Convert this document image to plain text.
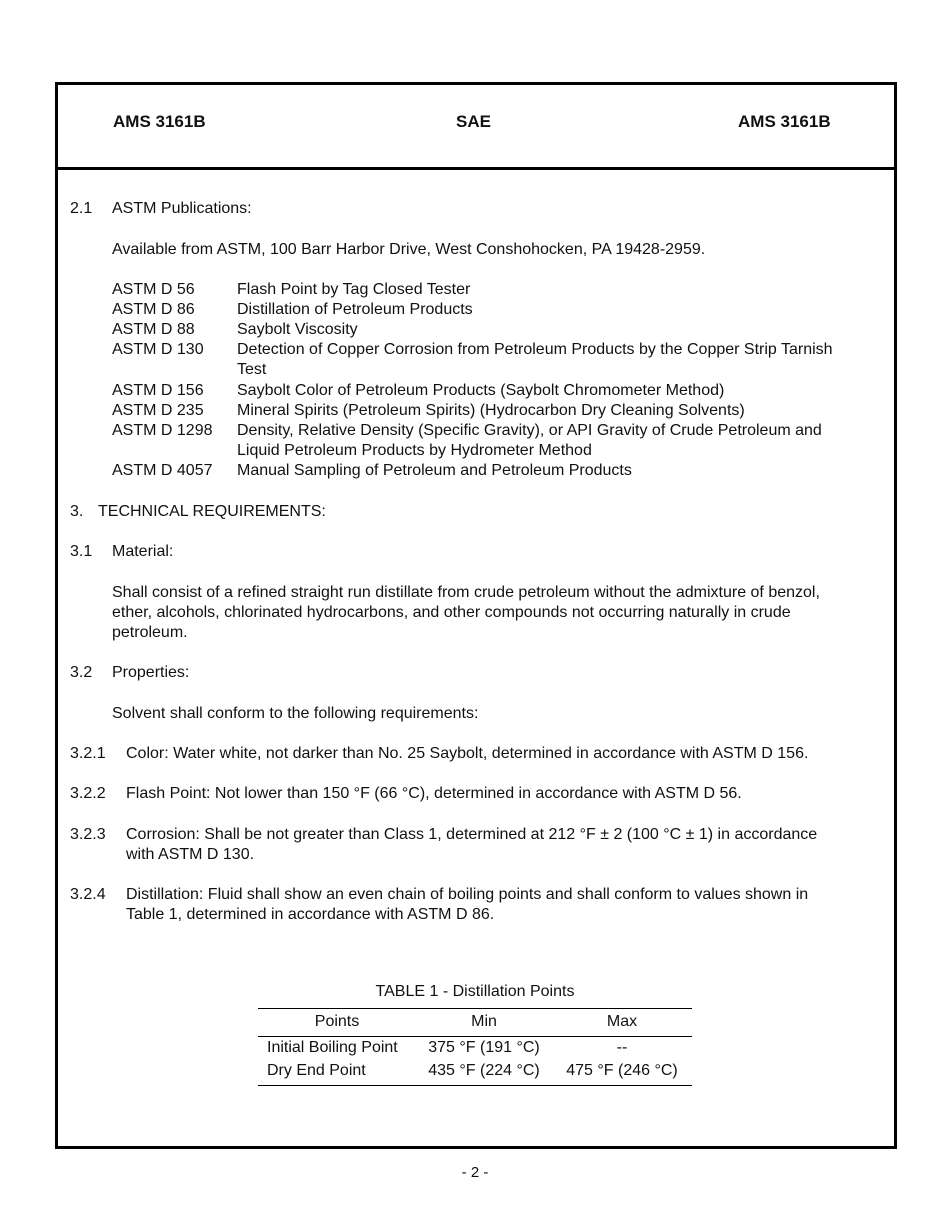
AMS 3161B	SAE	AMS 3161B
2.1 ASTM Publications:
Available from ASTM, 100 Barr Harbor Drive, West Conshohocken, PA 19428-2959.
ASTM D 56	Flash Point by Tag Closed Tester
ASTM D 86	Distillation of Petroleum Products
ASTM D 88	Saybolt Viscosity
ASTM D 130 Detection of Copper Corrosion from Petroleum Products by the Copper Strip Tarnish
Test
ASTM D 156 Saybolt Color of Petroleum Products (Saybolt Chromometer Method)
ASTM D 235 Mineral Spirits (Petroleum Spirits) (Hydrocarbon Dry Cleaning Solvents)
ASTM D 1298 Density, Relative Density (Specific Gravity), or API Gravity of Crude Petroleum and
Liquid Petroleum Products by Hydrometer Method
ASTM D 4057 Manual Sampling of Petroleum and Petroleum Products
3. TECHNICAL REQUIREMENTS:
3.1 Material:
Shall consist of a refined straight run distillate from crude petroleum without the admixture of benzol,
ether, alcohols, chlorinated hydrocarbons, and other compounds not occurring naturally in crude
petroleum.
3.2 Properties:
Solvent shall conform to the following requirements:
3.2.1 Color: Water white, not darker than No. 25 Saybolt, determined in accordance with ASTM D 156.
3.2.2 Flash Point: Not lower than 150 °F (66 °C), determined in accordance with ASTM D 56.
3.2.3 Corrosion: Shall be not greater than Class 1, determined at 212 °F ± 2 (100 °C ± 1) in accordance
with ASTM D 130.
3.2.4 Distillation: Fluid shall show an even chain of boiling points and shall conform to values shown in
Table 1, determined in accordance with ASTM D 86.
TABLE 1 - Distillation Points
Points	Min	Max
Initial Boiling Point	375 °F (191 °C)	--
Dry End Point	435 °F (224 °C)	475 °F (246 °C)
- 2 -
